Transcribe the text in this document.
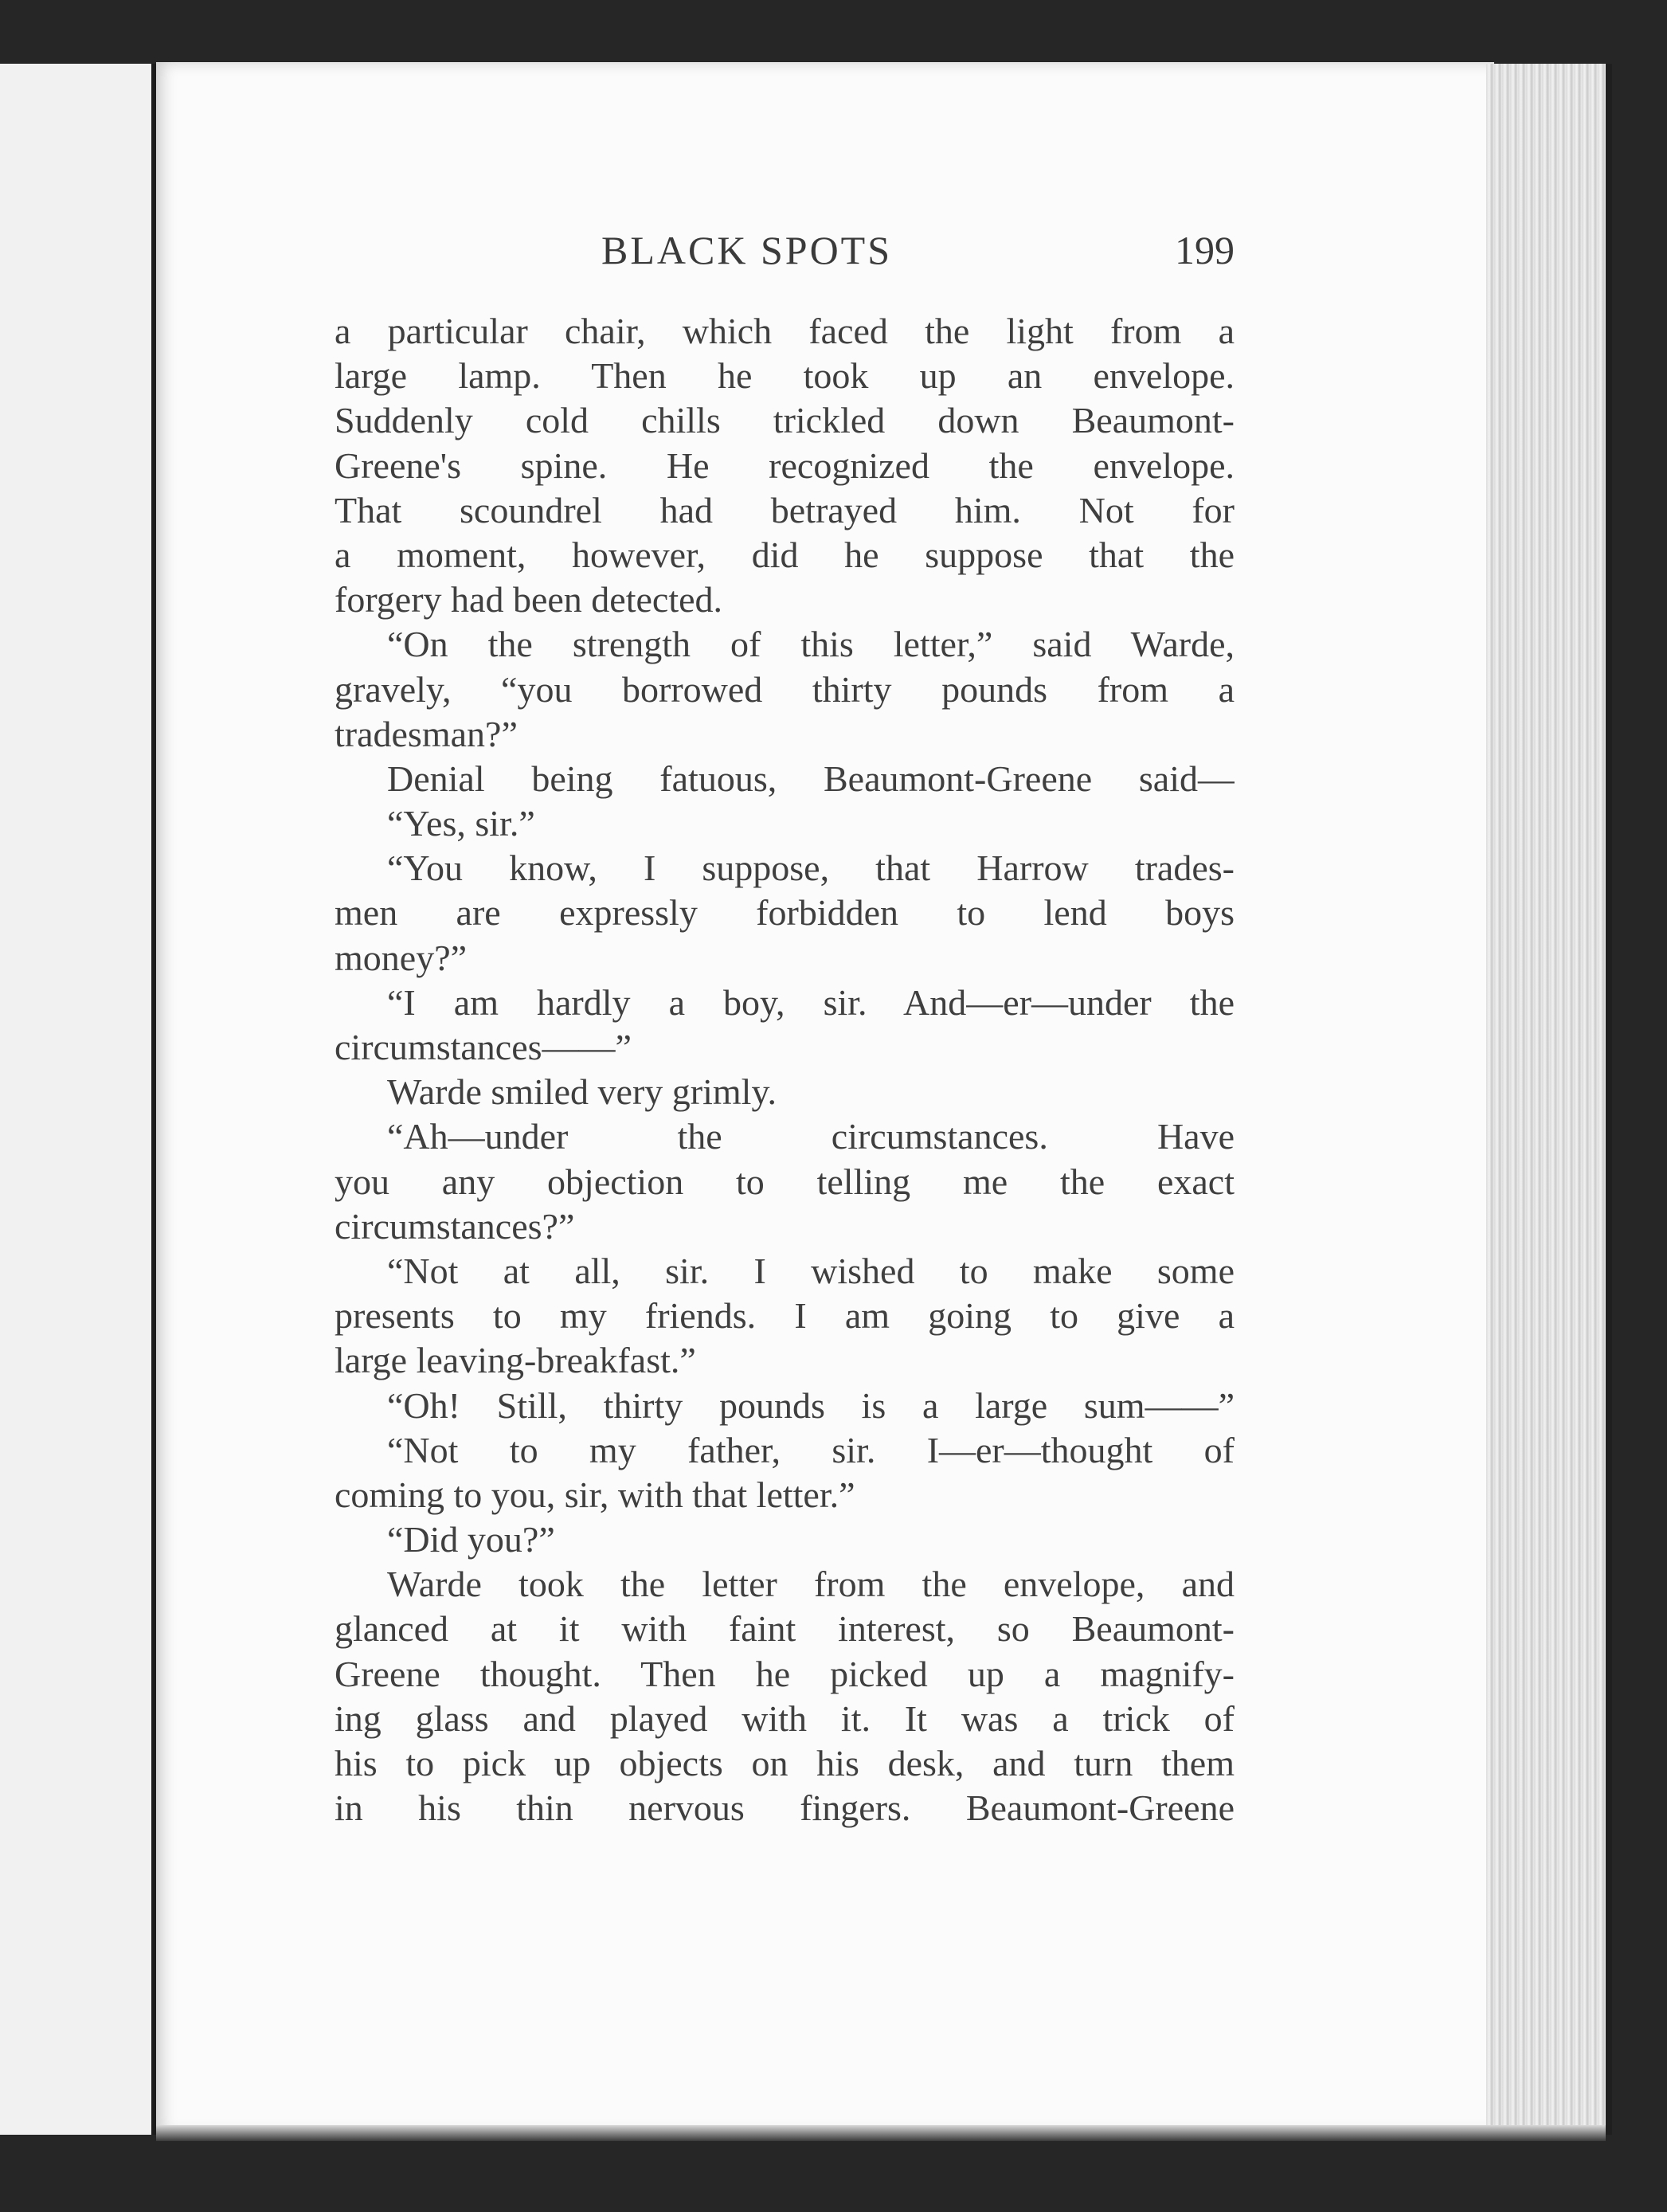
BLACK SPOTS	199
a particular chair, which faced the light from a
large lamp. Then he took up an envelope.
Suddenly cold chills trickled down Beaumont-
Greene's spine. He recognized the envelope.
That scoundrel had betrayed him. Not for
a moment, however, did he suppose that the
forgery had been detected.
“On the strength of this letter,” said Warde,
gravely, “you borrowed thirty pounds from a
tradesman?”
Denial being fatuous, Beaumont-Greene said—
“Yes, sir.”
“You know, I suppose, that Harrow trades-
men are expressly forbidden to lend boys
money?”
“I am hardly a boy, sir. And—er—under the
circumstances——”
Warde smiled very grimly.
“Ah—under the circumstances. Have
you any objection to telling me the exact
circumstances?”
“Not at all, sir. I wished to make some
presents to my friends. I am going to give a
large leaving-breakfast.”
“Oh! Still, thirty pounds is a large sum——”
“Not to my father, sir. I—er—thought of
coming to you, sir, with that letter.”
“Did you?”
Warde took the letter from the envelope, and
glanced at it with faint interest, so Beaumont-
Greene thought. Then he picked up a magnify-
ing glass and played with it. It was a trick of
his to pick up objects on his desk, and turn them
in his thin nervous fingers. Beaumont-Greene
